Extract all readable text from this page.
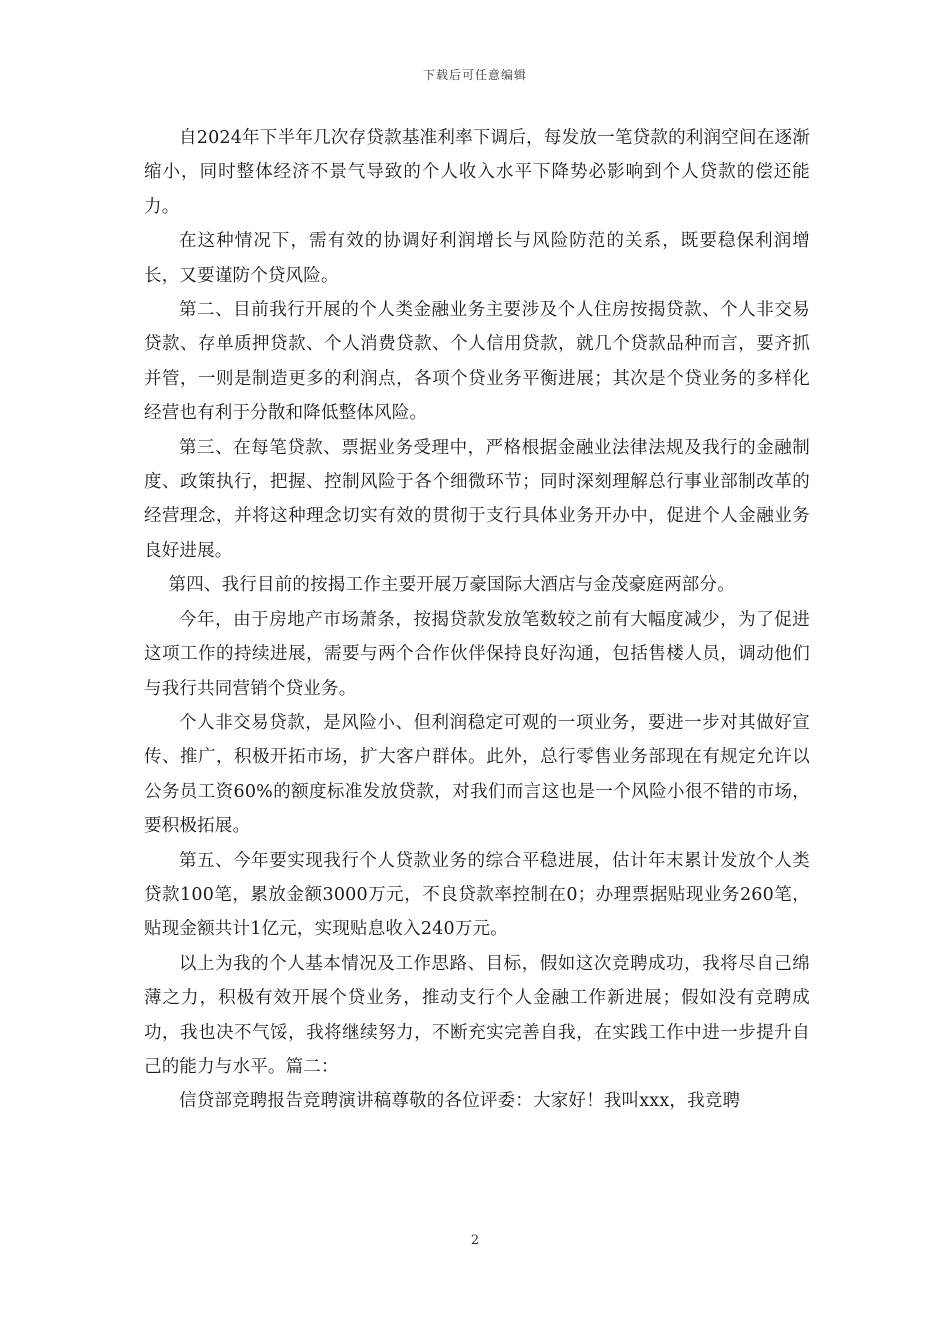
下载后可任意编辑

自2024年下半年几次存贷款基准利率下调后，每发放一笔贷款的利润空间在逐渐缩小，同时整体经济不景气导致的个人收入水平下降势必影响到个人贷款的偿还能力。

在这种情况下，需有效的协调好利润增长与风险防范的关系，既要稳保利润增长，又要谨防个贷风险。

第二、目前我行开展的个人类金融业务主要涉及个人住房按揭贷款、个人非交易贷款、存单质押贷款、个人消费贷款、个人信用贷款，就几个贷款品种而言，要齐抓并管，一则是制造更多的利润点，各项个贷业务平衡进展；其次是个贷业务的多样化经营也有利于分散和降低整体风险。

第三、在每笔贷款、票据业务受理中，严格根据金融业法律法规及我行的金融制度、政策执行，把握、控制风险于各个细微环节；同时深刻理解总行事业部制改革的经营理念，并将这种理念切实有效的贯彻于支行具体业务开办中，促进个人金融业务良好进展。

第四、我行目前的按揭工作主要开展万豪国际大酒店与金茂豪庭两部分。

今年，由于房地产市场萧条，按揭贷款发放笔数较之前有大幅度减少，为了促进这项工作的持续进展，需要与两个合作伙伴保持良好沟通，包括售楼人员，调动他们与我行共同营销个贷业务。

个人非交易贷款，是风险小、但利润稳定可观的一项业务，要进一步对其做好宣传、推广，积极开拓市场，扩大客户群体。此外，总行零售业务部现在有规定允许以公务员工资60%的额度标准发放贷款，对我们而言这也是一个风险小很不错的市场，要积极拓展。

第五、今年要实现我行个人贷款业务的综合平稳进展，估计年末累计发放个人类贷款100笔，累放金额3000万元，不良贷款率控制在0；办理票据贴现业务260笔，贴现金额共计1亿元，实现贴息收入240万元。

以上为我的个人基本情况及工作思路、目标，假如这次竞聘成功，我将尽自己绵薄之力，积极有效开展个贷业务，推动支行个人金融工作新进展；假如没有竞聘成功，我也决不气馁，我将继续努力，不断充实完善自我，在实践工作中进一步提升自己的能力与水平。篇二：

信贷部竞聘报告竞聘演讲稿尊敬的各位评委：大家好！我叫xxx，我竞聘

2
